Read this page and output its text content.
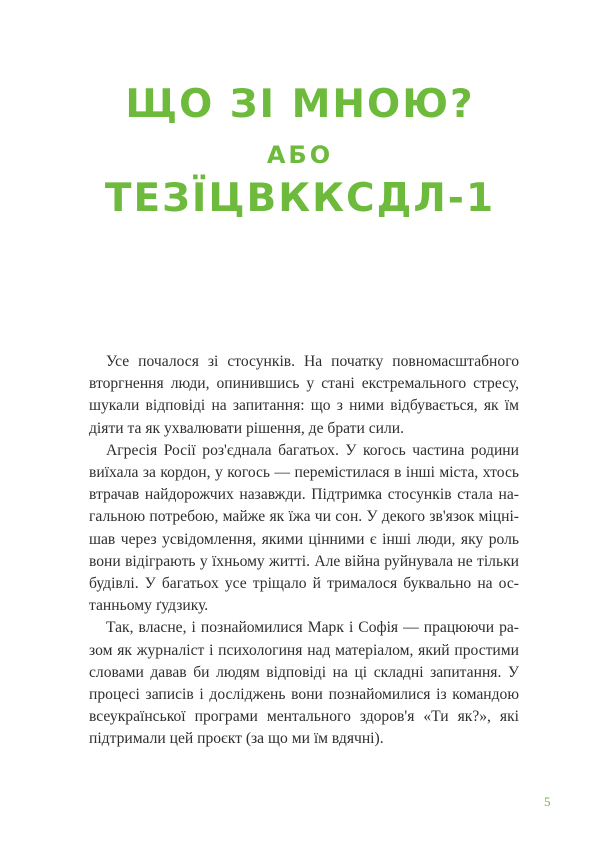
ЩО ЗІ МНОЮ?
АБО
ТЕЗЇЦВККСДЛ-1

Усе почалося зі стосунків. На початку повномасштабного вторгнення люди, опинившись у стані екстремального стресу, шукали відповіді на запитання: що з ними відбувається, як їм діяти та як ухвалювати рішення, де брати сили.

Агресія Росії роз'єднала багатьох. У когось частина родини виїхала за кордон, у когось — перемістилася в інші міста, хтось втрачав найдорожчих назавжди. Підтримка стосунків стала нагальною потребою, майже як їжа чи сон. У декого зв'язок міцнішав через усвідомлення, якими цінними є інші люди, яку роль вони відіграють у їхньому житті. Але війна руйнувала не тільки будівлі. У багатьох усе тріщало й трималося буквально на останньому ґудзику.

Так, власне, і познайомилися Марк і Софія — працюючи разом як журналіст і психологиня над матеріалом, який простими словами давав би людям відповіді на ці складні запитання. У процесі записів і досліджень вони познайомилися із командою всеукраїнської програми ментального здоров'я «Ти як?», які підтримали цей проєкт (за що ми їм вдячні).

5
